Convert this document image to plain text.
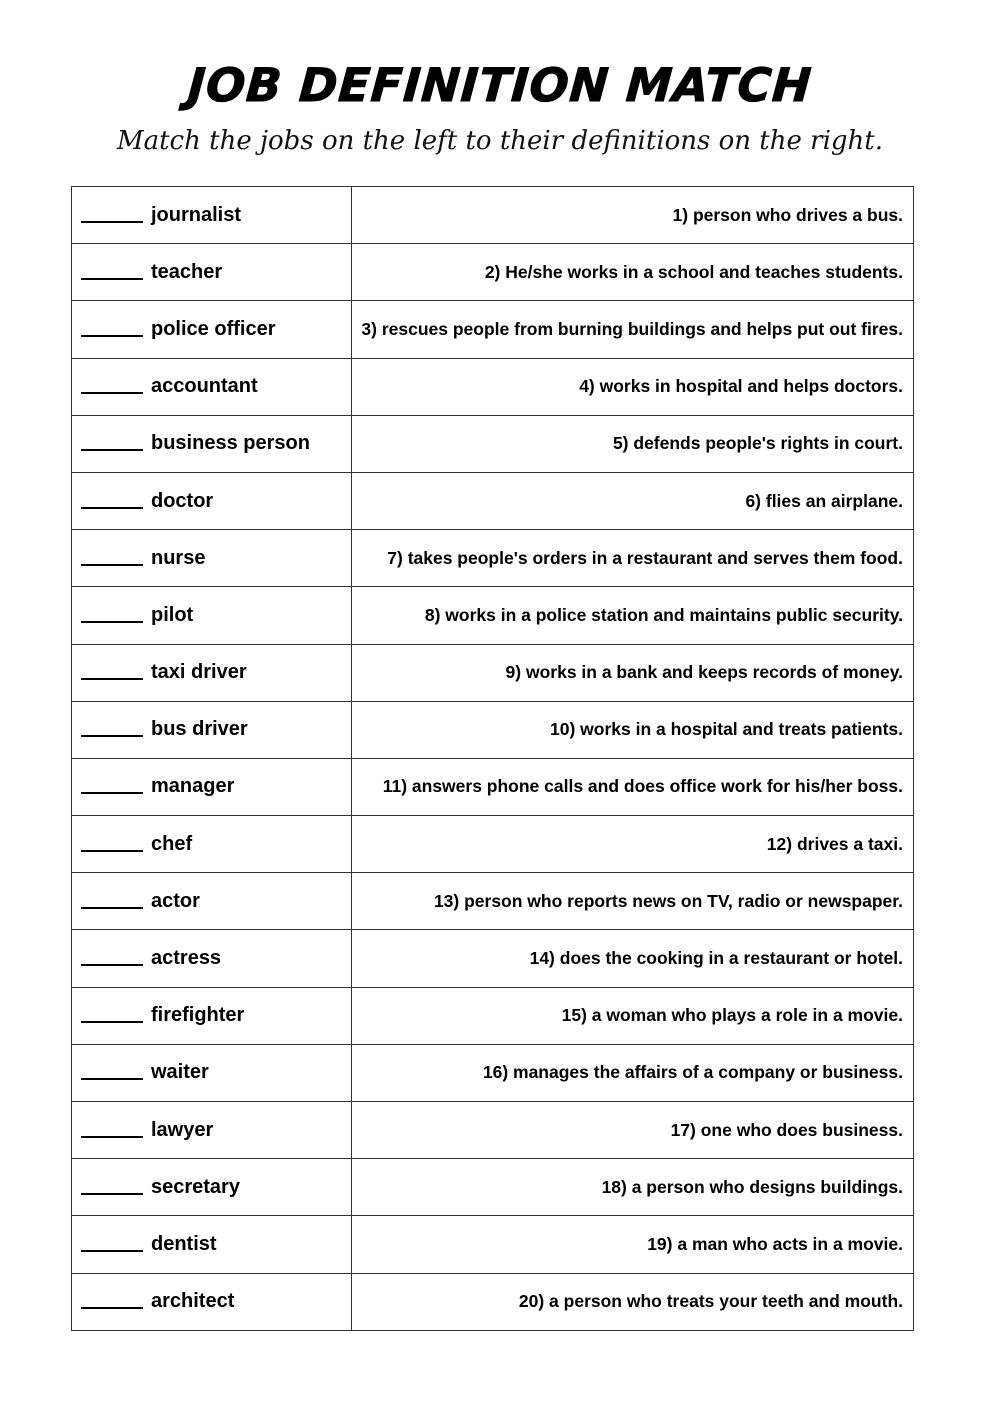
JOB DEFINITION MATCH
Match the jobs on the left to their definitions on the right.
journalist	1) person who drives a bus.
teacher	2) He/she works in a school and teaches students.
police officer	3) rescues people from burning buildings and helps put out fires.
accountant	4) works in hospital and helps doctors.
business person	5) defends people's rights in court.
doctor	6) flies an airplane.
nurse	7) takes people's orders in a restaurant and serves them food.
pilot	8) works in a police station and maintains public security.
taxi driver	9) works in a bank and keeps records of money.
bus driver	10) works in a hospital and treats patients.
manager	11) answers phone calls and does office work for his/her boss.
chef	12) drives a taxi.
actor	13) person who reports news on TV, radio or newspaper.
actress	14) does the cooking in a restaurant or hotel.
firefighter	15) a woman who plays a role in a movie.
waiter	16) manages the affairs of a company or business.
lawyer	17) one who does business.
secretary	18) a person who designs buildings.
dentist	19) a man who acts in a movie.
architect	20) a person who treats your teeth and mouth.
